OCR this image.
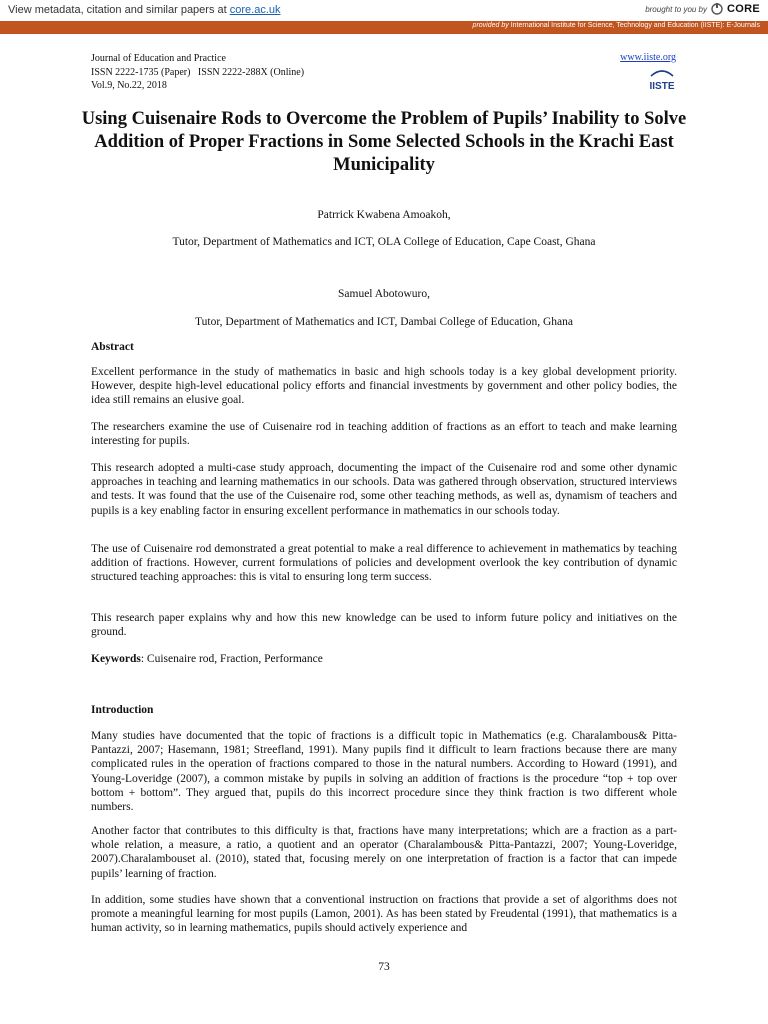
View metadata, citation and similar papers at core.ac.uk	brought to you by CORE
provided by International Institute for Science, Technology and Education (IISTE): E-Journals
Journal of Education and Practice
ISSN 2222-1735 (Paper)   ISSN 2222-288X (Online)
Vol.9, No.22, 2018
www.iiste.org
IISTE
Using Cuisenaire Rods to Overcome the Problem of Pupils’ Inability to Solve Addition of Proper Fractions in Some Selected Schools in the Krachi East Municipality
Patrrick Kwabena Amoakoh,
Tutor, Department of Mathematics and ICT, OLA College of Education, Cape Coast, Ghana
Samuel Abotowuro,
Tutor, Department of Mathematics and ICT, Dambai College of Education, Ghana
Abstract
Excellent performance in the study of mathematics in basic and high schools today is a key global development priority. However, despite high-level educational policy efforts and financial investments by government and other policy bodies, the idea still remains an elusive goal.
The researchers examine the use of Cuisenaire rod in teaching addition of fractions as an effort to teach and make learning interesting for pupils.
This research adopted a multi-case study approach, documenting the impact of the Cuisenaire rod and some other dynamic approaches in teaching and learning mathematics in our schools. Data was gathered through observation, structured interviews and tests. It was found that the use of the Cuisenaire rod, some other teaching methods, as well as, dynamism of teachers and pupils is a key enabling factor in ensuring excellent performance in mathematics in our schools today.
The use of Cuisenaire rod demonstrated a great potential to make a real difference to achievement in mathematics by teaching addition of fractions. However, current formulations of policies and development overlook the key contribution of dynamic structured teaching approaches: this is vital to ensuring long term success.
This research paper explains why and how this new knowledge can be used to inform future policy and initiatives on the ground.
Keywords: Cuisenaire rod, Fraction, Performance
Introduction
Many studies have documented that the topic of fractions is a difficult topic in Mathematics (e.g. Charalambous& Pitta-Pantazzi, 2007; Hasemann, 1981; Streefland, 1991). Many pupils find it difficult to learn fractions because there are many complicated rules in the operation of fractions compared to those in the natural numbers. According to Howard (1991), and Young-Loveridge (2007), a common mistake by pupils in solving an addition of fractions is the procedure “top + top over bottom + bottom”. They argued that, pupils do this incorrect procedure since they think fraction is two different whole numbers.
Another factor that contributes to this difficulty is that, fractions have many interpretations; which are a fraction as a part-whole relation, a measure, a ratio, a quotient and an operator (Charalambous& Pitta-Pantazzi, 2007; Young-Loveridge, 2007).Charalambouset al. (2010), stated that, focusing merely on one interpretation of fraction is a factor that can impede pupils’ learning of fraction.
In addition, some studies have shown that a conventional instruction on fractions that provide a set of algorithms does not promote a meaningful learning for most pupils (Lamon, 2001). As has been stated by Freudental (1991), that mathematics is a human activity, so in learning mathematics, pupils should actively experience and
73
